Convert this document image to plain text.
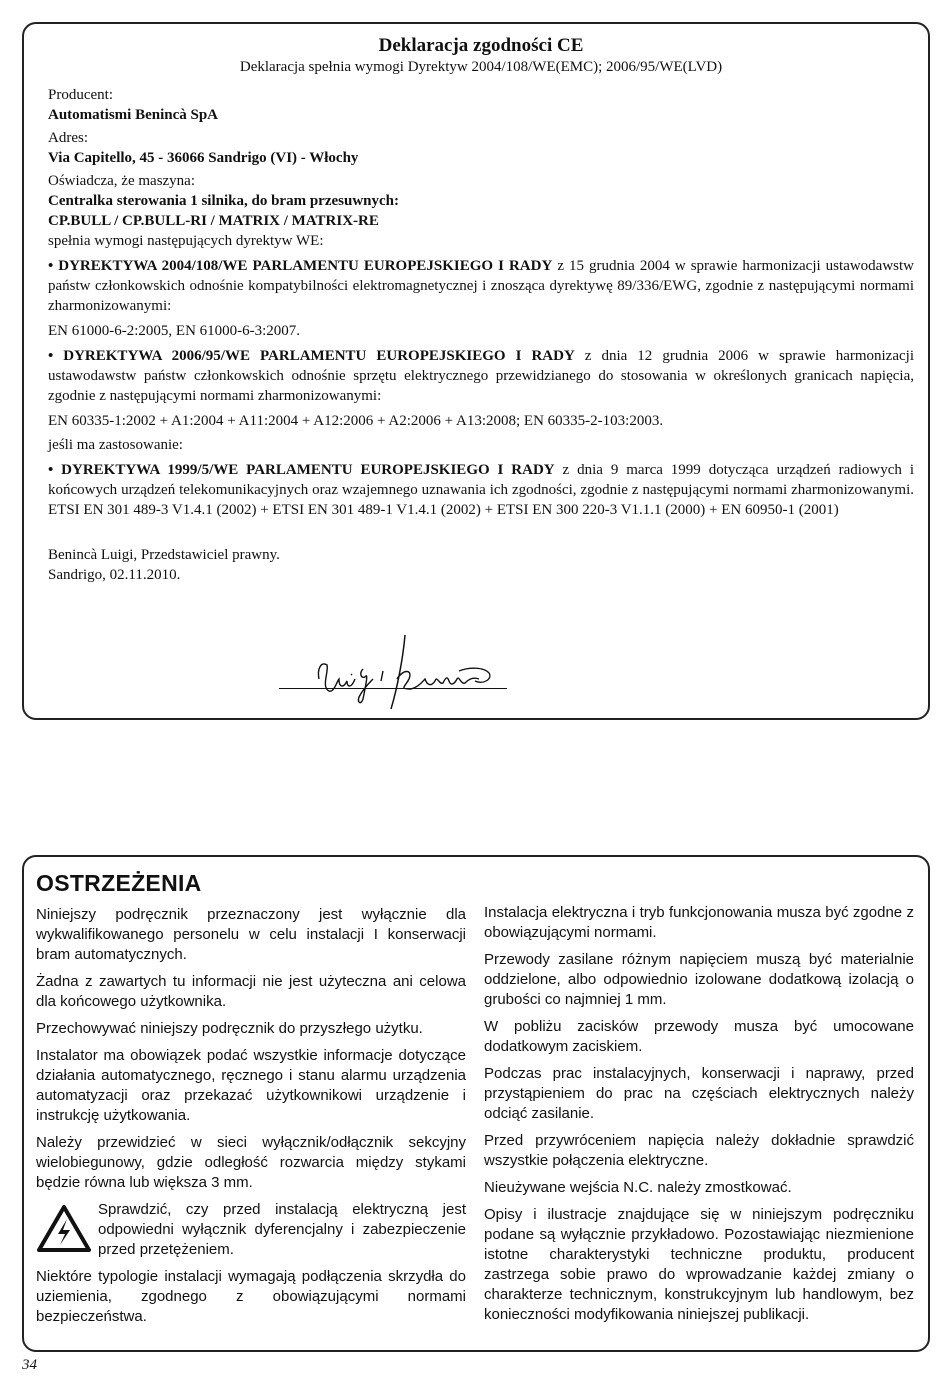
Deklaracja zgodności CE
Deklaracja spełnia wymogi Dyrektyw 2004/108/WE(EMC); 2006/95/WE(LVD)
Producent:
Automatismi Benincà SpA
Adres:
Via Capitello, 45 - 36066 Sandrigo (VI) - Włochy
Oświadcza, że maszyna:
Centralka sterowania 1 silnika, do bram przesuwnych:
CP.BULL / CP.BULL-RI / MATRIX / MATRIX-RE
spełnia wymogi następujących dyrektyw WE:
• DYREKTYWA 2004/108/WE PARLAMENTU EUROPEJSKIEGO I RADY z 15 grudnia 2004 w sprawie harmonizacji ustawodawstw państw członkowskich odnośnie kompatybilności elektromagnetycznej i znosząca dyrektywę 89/336/EWG, zgodnie z następującymi normami zharmonizowanymi:
EN 61000-6-2:2005, EN 61000-6-3:2007.
• DYREKTYWA 2006/95/WE PARLAMENTU EUROPEJSKIEGO I RADY z dnia 12 grudnia 2006 w sprawie harmonizacji ustawodawstw państw członkowskich odnośnie sprzętu elektrycznego przewidzianego do stosowania w określonych granicach napięcia, zgodnie z następującymi normami zharmonizowanymi:
EN 60335-1:2002 + A1:2004 + A11:2004 + A12:2006 + A2:2006 + A13:2008; EN 60335-2-103:2003.
jeśli ma zastosowanie:
• DYREKTYWA 1999/5/WE PARLAMENTU EUROPEJSKIEGO I RADY z dnia 9 marca 1999 dotycząca urządzeń radiowych i końcowych urządzeń telekomunikacyjnych oraz wzajemnego uznawania ich zgodności, zgodnie z następującymi normami zharmonizowanymi. ETSI EN 301 489-3 V1.4.1 (2002) + ETSI EN 301 489-1 V1.4.1 (2002) + ETSI EN 300 220-3 V1.1.1 (2000) + EN 60950-1 (2001)
Benincà Luigi, Przedstawiciel prawny.
Sandrigo, 02.11.2010.
OSTRZEŻENIA

Niniejszy podręcznik przeznaczony jest wyłącznie dla wykwalifikowanego personelu w celu instalacji I konserwacji bram automatycznych.

Żadna z zawartych tu informacji nie jest użyteczna ani celowa dla końcowego użytkownika.

Przechowywać niniejszy podręcznik do przyszłego użytku.

Instalator ma obowiązek podać wszystkie informacje dotyczące działania automatycznego, ręcznego i stanu alarmu urządzenia automatyzacji oraz przekazać użytkownikowi urządzenie i instrukcję użytkowania.

Należy przewidzieć w sieci wyłącznik/odłącznik sekcyjny wielobiegunowy, gdzie odległość rozwarcia między stykami będzie równa lub większa 3 mm.

Sprawdzić, czy przed instalacją elektryczną jest odpowiedni wyłącznik dyferencjalny i zabezpieczenie przed przetężeniem.

Niektóre typologie instalacji wymagają podłączenia skrzydła do uziemienia, zgodnego z obowiązującymi normami bezpieczeństwa.

Instalacja elektryczna i tryb funkcjonowania musza być zgodne z obowiązującymi normami.

Przewody zasilane różnym napięciem muszą być materialnie oddzielone, albo odpowiednio izolowane dodatkową izolacją o grubości co najmniej 1 mm.

W pobliżu zacisków przewody musza być umocowane dodatkowym zaciskiem.

Podczas prac instalacyjnych, konserwacji i naprawy, przed przystąpieniem do prac na częściach elektrycznych należy odciąć zasilanie.

Przed przywróceniem napięcia należy dokładnie sprawdzić wszystkie połączenia elektryczne.

Nieużywane wejścia N.C. należy zmostkować.

Opisy i ilustracje znajdujące się w niniejszym podręczniku podane są wyłącznie przykładowo. Pozostawiając niezmienione istotne charakterystyki techniczne produktu, producent zastrzega sobie prawo do wprowadzanie każdej zmiany o charakterze technicznym, konstrukcyjnym lub handlowym, bez konieczności modyfikowania niniejszej publikacji.

34
